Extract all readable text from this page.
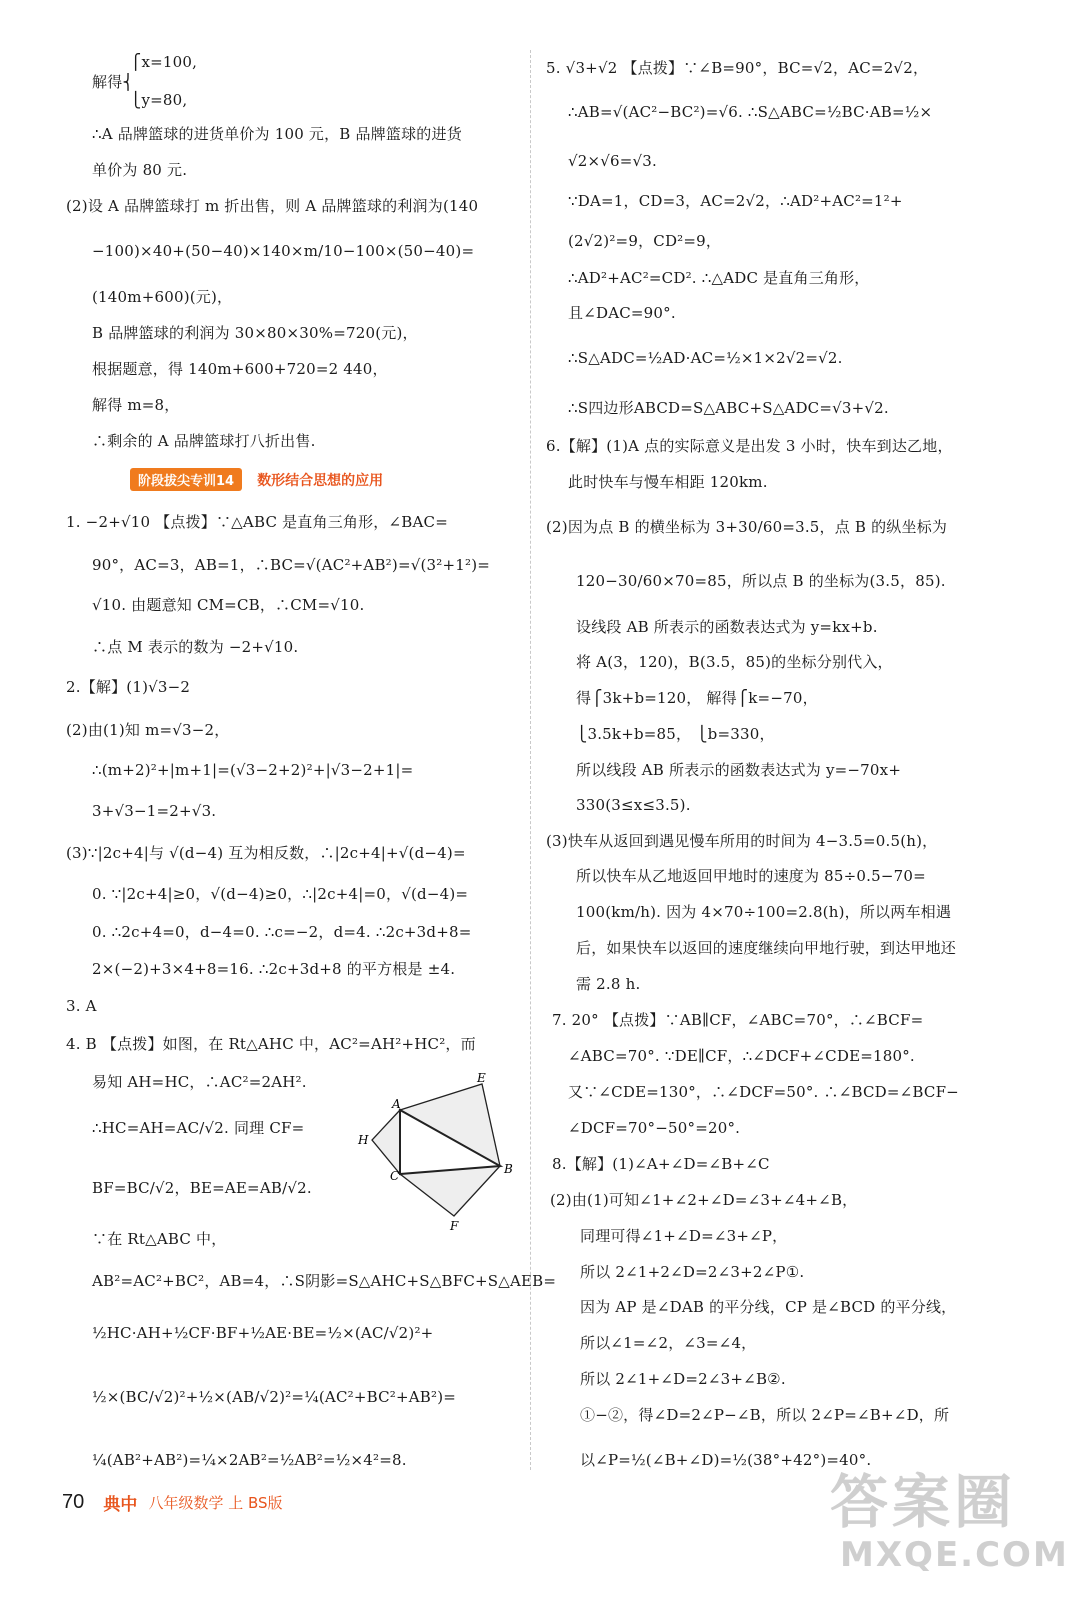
⎧x=100,
解得⎨
⎩y=80,
∴A 品牌篮球的进货单价为 100 元，B 品牌篮球的进货
单价为 80 元.
(2)设 A 品牌篮球打 m 折出售，则 A 品牌篮球的利润为(140
−100)×40+(50−40)×140×m/10−100×(50−40)=
(140m+600)(元)，
B 品牌篮球的利润为 30×80×30%=720(元)，
根据题意，得 140m+600+720=2 440，
解得 m=8，
∴剩余的 A 品牌篮球打八折出售.
1. −2+√10 【点拨】∵△ABC 是直角三角形，∠BAC=
90°，AC=3，AB=1，∴BC=√(AC²+AB²)=√(3²+1²)=
√10. 由题意知 CM=CB，∴CM=√10.
∴点 M 表示的数为 −2+√10.
2.【解】(1)√3−2
(2)由(1)知 m=√3−2，
∴(m+2)²+|m+1|=(√3−2+2)²+|√3−2+1|=
3+√3−1=2+√3.
(3)∵|2c+4|与 √(d−4) 互为相反数，∴|2c+4|+√(d−4)=
0. ∵|2c+4|≥0，√(d−4)≥0，∴|2c+4|=0，√(d−4)=
0. ∴2c+4=0，d−4=0. ∴c=−2，d=4. ∴2c+3d+8=
2×(−2)+3×4+8=16. ∴2c+3d+8 的平方根是 ±4.
3. A
4. B 【点拨】如图，在 Rt△AHC 中，AC²=AH²+HC²，而
易知 AH=HC，∴AC²=2AH².
∴HC=AH=AC/√2. 同理 CF=
BF=BC/√2，BE=AE=AB/√2.
∵在 Rt△ABC 中，
AB²=AC²+BC²，AB=4，∴S阴影=S△AHC+S△BFC+S△AEB=
½HC·AH+½CF·BF+½AE·BE=½×(AC/√2)²+
½×(BC/√2)²+½×(AB/√2)²=¼(AC²+BC²+AB²)=
¼(AB²+AB²)=¼×2AB²=½AB²=½×4²=8.
阶段拔尖专训14 数形结合思想的应用
5. √3+√2 【点拨】∵∠B=90°，BC=√2，AC=2√2，
∴AB=√(AC²−BC²)=√6. ∴S△ABC=½BC·AB=½×
√2×√6=√3.
∵DA=1，CD=3，AC=2√2，∴AD²+AC²=1²+
(2√2)²=9，CD²=9，
∴AD²+AC²=CD². ∴△ADC 是直角三角形，
且∠DAC=90°.
∴S△ADC=½AD·AC=½×1×2√2=√2.
∴S四边形ABCD=S△ABC+S△ADC=√3+√2.
6.【解】(1)A 点的实际意义是出发 3 小时，快车到达乙地，
此时快车与慢车相距 120km.
(2)因为点 B 的横坐标为 3+30/60=3.5，点 B 的纵坐标为
120−30/60×70=85，所以点 B 的坐标为(3.5，85).
设线段 AB 所表示的函数表达式为 y=kx+b.
将 A(3，120)，B(3.5，85)的坐标分别代入，
得⎧3k+b=120， 解得⎧k=−70，
⎩3.5k+b=85， ⎩b=330，
所以线段 AB 所表示的函数表达式为 y=−70x+
330(3≤x≤3.5).
(3)快车从返回到遇见慢车所用的时间为 4−3.5=0.5(h)，
所以快车从乙地返回甲地时的速度为 85÷0.5−70=
100(km/h). 因为 4×70÷100=2.8(h)，所以两车相遇
后，如果快车以返回的速度继续向甲地行驶，到达甲地还
需 2.8 h.
7. 20° 【点拨】∵AB∥CF，∠ABC=70°，∴∠BCF=
∠ABC=70°. ∵DE∥CF，∴∠DCF+∠CDE=180°.
又∵∠CDE=130°，∴∠DCF=50°. ∴∠BCD=∠BCF−
∠DCF=70°−50°=20°.
8.【解】(1)∠A+∠D=∠B+∠C
(2)由(1)可知∠1+∠2+∠D=∠3+∠4+∠B，
同理可得∠1+∠D=∠3+∠P，
所以 2∠1+2∠D=2∠3+2∠P①.
因为 AP 是∠DAB 的平分线，CP 是∠BCD 的平分线，
所以∠1=∠2，∠3=∠4，
所以 2∠1+∠D=2∠3+∠B②.
①−②，得∠D=2∠P−∠B，所以 2∠P=∠B+∠D，所
以∠P=½(∠B+∠D)=½(38°+42°)=40°.
A
B
C
E
F
H
70 典中 八年级数学 上 BS版	答案圈
MXQE.COM
